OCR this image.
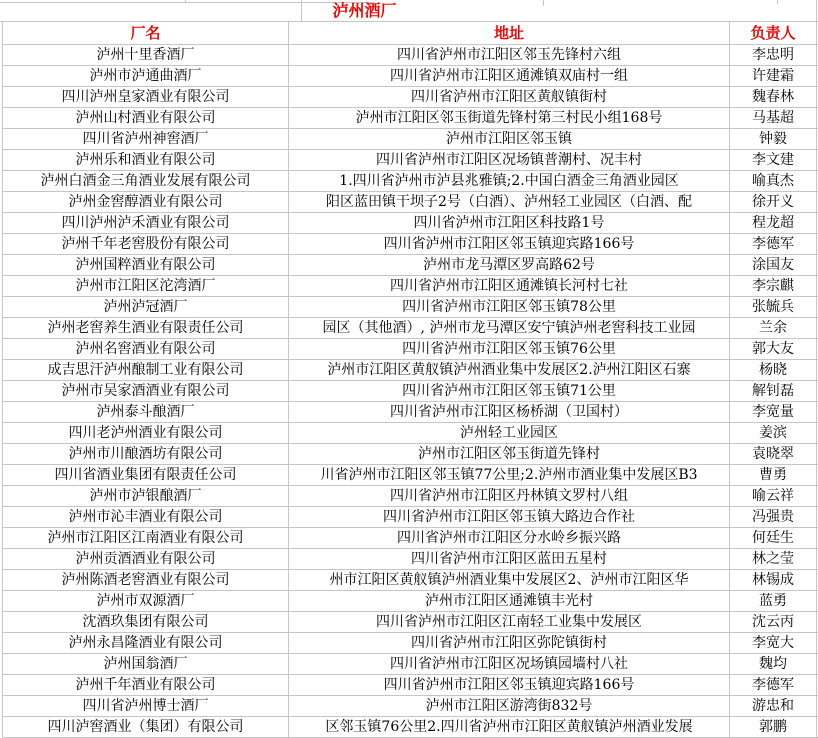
泸州酒厂
厂名	地址	负责人
泸州十里香酒厂	四川省泸州市江阳区邻玉先锋村六组	李忠明
泸州市泸通曲酒厂	四川省泸州市江阳区通滩镇双庙村一组	许建霜
四川泸州皇家酒业有限公司	四川省泸州市江阳区黄舣镇街村	魏春林
泸州山村酒业有限公司	泸州市江阳区邻玉街道先锋村第三村民小组168号	马基超
四川省泸州神窖酒厂	泸州市江阳区邻玉镇	钟毅
泸州乐和酒业有限公司	四川省泸州市江阳区况场镇普潮村、况丰村	李文建
泸州白酒金三角酒业发展有限公司	1.四川省泸州市泸县兆雅镇;2.中国白酒金三角酒业园区	喻真杰
泸州金窖醇酒业有限公司	阳区蓝田镇干坝子2号（白酒）、泸州轻工业园区（白酒、配	徐开义
四川泸州泸禾酒业有限公司	四川省泸州市江阳区科技路1号	程龙超
泸州千年老窖股份有限公司	四川省泸州市江阳区邻玉镇迎宾路166号	李德军
泸州国粹酒业有限公司	泸州市龙马潭区罗高路62号	涂国友
泸州市江阳区沱湾酒厂	四川省泸州市江阳区通滩镇长河村七社	李宗麒
泸州泸冠酒厂	四川省泸州市江阳区邻玉镇78公里	张毓兵
泸州老窖养生酒业有限责任公司	园区（其他酒）, 泸州市龙马潭区安宁镇泸州老窖科技工业园	兰余
泸州名窖酒业有限公司	四川省泸州市江阳区邻玉镇76公里	郭大友
成吉思汗泸州酿制工业有限公司	泸州市江阳区黄舣镇泸州酒业集中发展区2.泸州江阳区石寨	杨晓
泸州市吴家酒酒业有限公司	四川省泸州市江阳区邻玉镇71公里	解钊磊
泸州泰斗酿酒厂	四川省泸州市江阳区杨桥湖（卫国村）	李宽量
四川老泸州酒业有限公司	泸州轻工业园区	姜滨
泸州市川酿酒坊有限公司	泸州市江阳区邻玉街道先锋村	袁晓翠
四川省酒业集团有限责任公司	川省泸州市江阳区邻玉镇77公里;2.泸州市酒业集中发展区B3	曹勇
泸州市泸银酿酒厂	四川省泸州市江阳区丹林镇文罗村八组	喻云祥
泸州市沁丰酒业有限公司	四川省泸州市江阳区邻玉镇大路边合作社	冯强贵
泸州市江阳区江南酒业有限公司	四川省泸州市江阳区分水岭乡振兴路	何廷生
泸州贡酒酒业有限公司	四川省泸州市江阳区蓝田五星村	林之莹
泸州陈酒老窖酒业有限公司	州市江阳区黄舣镇泸州酒业集中发展区2、泸州市江阳区华	林锡成
泸州市双源酒厂	泸州市江阳区通滩镇丰光村	蓝勇
沈酒玖集团有限公司	四川省泸州市江阳区江南轻工业集中发展区	沈云丙
泸州永昌隆酒业有限公司	四川省泸州市江阳区弥陀镇街村	李宽大
泸州国翁酒厂	四川省泸州市江阳区况场镇园墙村八社	魏均
泸州千年酒业有限公司	四川省泸州市江阳区邻玉镇迎宾路166号	李德军
四川省泸州博士酒厂	泸州市江阳区游湾街832号	游忠和
四川泸窖酒业（集团）有限公司	区邻玉镇76公里2.四川省泸州市江阳区黄舣镇泸州酒业发展	郭鹏
